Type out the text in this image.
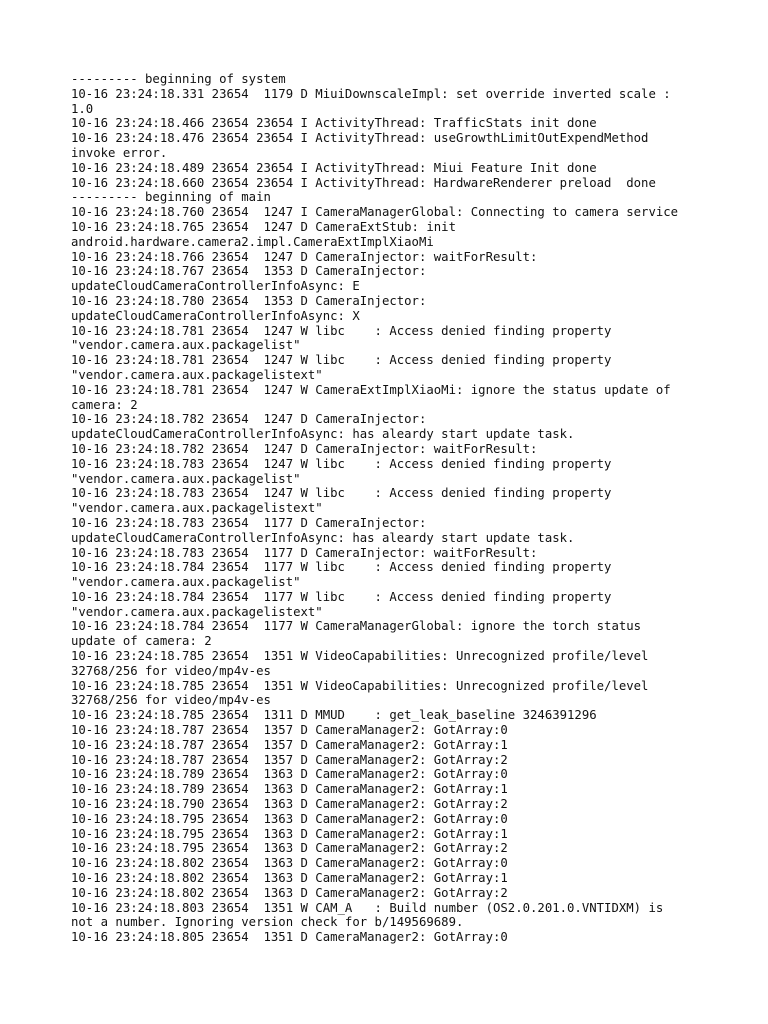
--------- beginning of system
10-16 23:24:18.331 23654  1179 D MiuiDownscaleImpl: set override inverted scale :
1.0
10-16 23:24:18.466 23654 23654 I ActivityThread: TrafficStats init done
10-16 23:24:18.476 23654 23654 I ActivityThread: useGrowthLimitOutExpendMethod
invoke error.
10-16 23:24:18.489 23654 23654 I ActivityThread: Miui Feature Init done
10-16 23:24:18.660 23654 23654 I ActivityThread: HardwareRenderer preload  done
--------- beginning of main
10-16 23:24:18.760 23654  1247 I CameraManagerGlobal: Connecting to camera service
10-16 23:24:18.765 23654  1247 D CameraExtStub: init
android.hardware.camera2.impl.CameraExtImplXiaoMi
10-16 23:24:18.766 23654  1247 D CameraInjector: waitForResult:
10-16 23:24:18.767 23654  1353 D CameraInjector:
updateCloudCameraControllerInfoAsync: E
10-16 23:24:18.780 23654  1353 D CameraInjector:
updateCloudCameraControllerInfoAsync: X
10-16 23:24:18.781 23654  1247 W libc    : Access denied finding property
"vendor.camera.aux.packagelist"
10-16 23:24:18.781 23654  1247 W libc    : Access denied finding property
"vendor.camera.aux.packagelistext"
10-16 23:24:18.781 23654  1247 W CameraExtImplXiaoMi: ignore the status update of
camera: 2
10-16 23:24:18.782 23654  1247 D CameraInjector:
updateCloudCameraControllerInfoAsync: has aleardy start update task.
10-16 23:24:18.782 23654  1247 D CameraInjector: waitForResult:
10-16 23:24:18.783 23654  1247 W libc    : Access denied finding property
"vendor.camera.aux.packagelist"
10-16 23:24:18.783 23654  1247 W libc    : Access denied finding property
"vendor.camera.aux.packagelistext"
10-16 23:24:18.783 23654  1177 D CameraInjector:
updateCloudCameraControllerInfoAsync: has aleardy start update task.
10-16 23:24:18.783 23654  1177 D CameraInjector: waitForResult:
10-16 23:24:18.784 23654  1177 W libc    : Access denied finding property
"vendor.camera.aux.packagelist"
10-16 23:24:18.784 23654  1177 W libc    : Access denied finding property
"vendor.camera.aux.packagelistext"
10-16 23:24:18.784 23654  1177 W CameraManagerGlobal: ignore the torch status
update of camera: 2
10-16 23:24:18.785 23654  1351 W VideoCapabilities: Unrecognized profile/level
32768/256 for video/mp4v-es
10-16 23:24:18.785 23654  1351 W VideoCapabilities: Unrecognized profile/level
32768/256 for video/mp4v-es
10-16 23:24:18.785 23654  1311 D MMUD    : get_leak_baseline 3246391296
10-16 23:24:18.787 23654  1357 D CameraManager2: GotArray:0
10-16 23:24:18.787 23654  1357 D CameraManager2: GotArray:1
10-16 23:24:18.787 23654  1357 D CameraManager2: GotArray:2
10-16 23:24:18.789 23654  1363 D CameraManager2: GotArray:0
10-16 23:24:18.789 23654  1363 D CameraManager2: GotArray:1
10-16 23:24:18.790 23654  1363 D CameraManager2: GotArray:2
10-16 23:24:18.795 23654  1363 D CameraManager2: GotArray:0
10-16 23:24:18.795 23654  1363 D CameraManager2: GotArray:1
10-16 23:24:18.795 23654  1363 D CameraManager2: GotArray:2
10-16 23:24:18.802 23654  1363 D CameraManager2: GotArray:0
10-16 23:24:18.802 23654  1363 D CameraManager2: GotArray:1
10-16 23:24:18.802 23654  1363 D CameraManager2: GotArray:2
10-16 23:24:18.803 23654  1351 W CAM_A   : Build number (OS2.0.201.0.VNTIDXM) is
not a number. Ignoring version check for b/149569689.
10-16 23:24:18.805 23654  1351 D CameraManager2: GotArray:0
